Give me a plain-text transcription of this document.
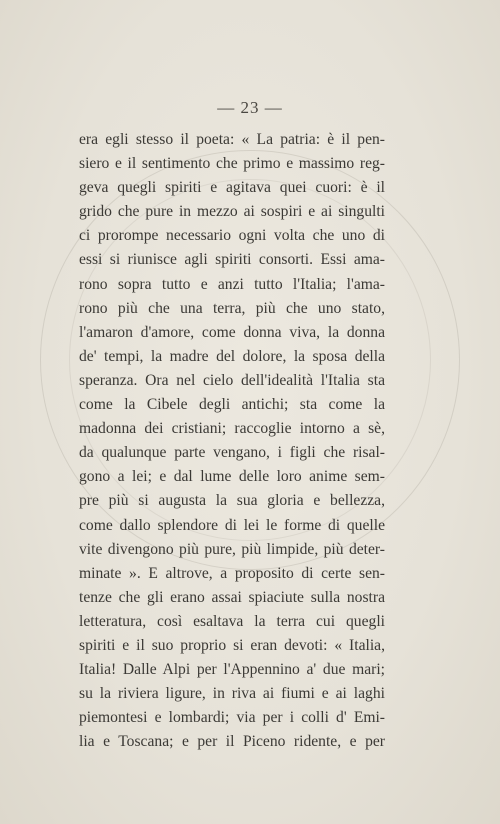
— 23 —
era egli stesso il poeta: « La patria: è il pen-
siero e il sentimento che primo e massimo reg-
geva quegli spiriti e agitava quei cuori: è il
grido che pure in mezzo ai sospiri e ai singulti
ci prorompe necessario ogni volta che uno di
essi si riunisce agli spiriti consorti. Essi ama-
rono sopra tutto e anzi tutto l'Italia; l'ama-
rono più che una terra, più che uno stato,
l'amaron d'amore, come donna viva, la donna
de' tempi, la madre del dolore, la sposa della
speranza. Ora nel cielo dell'idealità l'Italia sta
come la Cibele degli antichi; sta come la
madonna dei cristiani; raccoglie intorno a sè,
da qualunque parte vengano, i figli che risal-
gono a lei; e dal lume delle loro anime sem-
pre più si augusta la sua gloria e bellezza,
come dallo splendore di lei le forme di quelle
vite divengono più pure, più limpide, più deter-
minate ». E altrove, a proposito di certe sen-
tenze che gli erano assai spiaciute sulla nostra
letteratura, così esaltava la terra cui quegli
spiriti e il suo proprio si eran devoti: « Italia,
Italia! Dalle Alpi per l'Appennino a' due mari;
su la riviera ligure, in riva ai fiumi e ai laghi
piemontesi e lombardi; via per i colli d' Emi-
lia e Toscana; e per il Piceno ridente, e per
